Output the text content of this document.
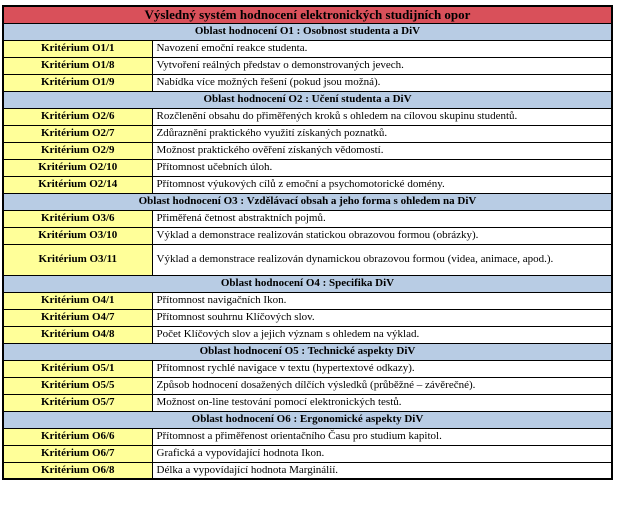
Výsledný systém hodnocení elektronických studijních opor	
Oblast hodnocení O1 : Osobnost studenta a DiV	
Kritérium O1/1	Navození emoční reakce studenta.
Kritérium O1/8	Vytvoření reálných představ o demonstrovaných jevech.
Kritérium O1/9	Nabídka více možných řešení (pokud jsou možná).
Oblast hodnocení O2 : Učení studenta a DiV	
Kritérium O2/6	Rozčlenění obsahu do přiměřených kroků s ohledem na cílovou skupinu studentů.
Kritérium O2/7	Zdůraznění praktického využití získaných poznatků.
Kritérium O2/9	Možnost praktického ověření získaných vědomostí.
Kritérium O2/10	Přítomnost učebních úloh.
Kritérium O2/14	Přítomnost výukových cílů z emoční a psychomotorické domény.
Oblast hodnocení O3 : Vzdělávací obsah a jeho forma s ohledem na DiV	
Kritérium O3/6	Přiměřená četnost abstraktních pojmů.
Kritérium O3/10	Výklad a demonstrace realizován statickou obrazovou formou (obrázky).
Kritérium O3/11	Výklad a demonstrace realizován dynamickou obrazovou formou (videa, animace, apod.).
Oblast hodnocení O4 : Specifika DiV	
Kritérium O4/1	Přítomnost navigačních Ikon.
Kritérium O4/7	Přítomnost souhrnu Klíčových slov.
Kritérium O4/8	Počet Klíčových slov a jejich význam s ohledem na výklad.
Oblast hodnocení O5 : Technické aspekty DiV	
Kritérium O5/1	Přítomnost rychlé navigace v textu (hypertextové odkazy).
Kritérium O5/5	Způsob hodnocení dosažených dílčích výsledků (průběžné – závěrečné).
Kritérium O5/7	Možnost on-line testování pomocí elektronických testů.
Oblast hodnocení O6 : Ergonomické aspekty DiV	
Kritérium O6/6	Přítomnost a přiměřenost orientačního Času pro studium kapitol.
Kritérium O6/7	Grafická a vypovídající hodnota Ikon.
Kritérium O6/8	Délka a vypovídající hodnota Marginálií.
